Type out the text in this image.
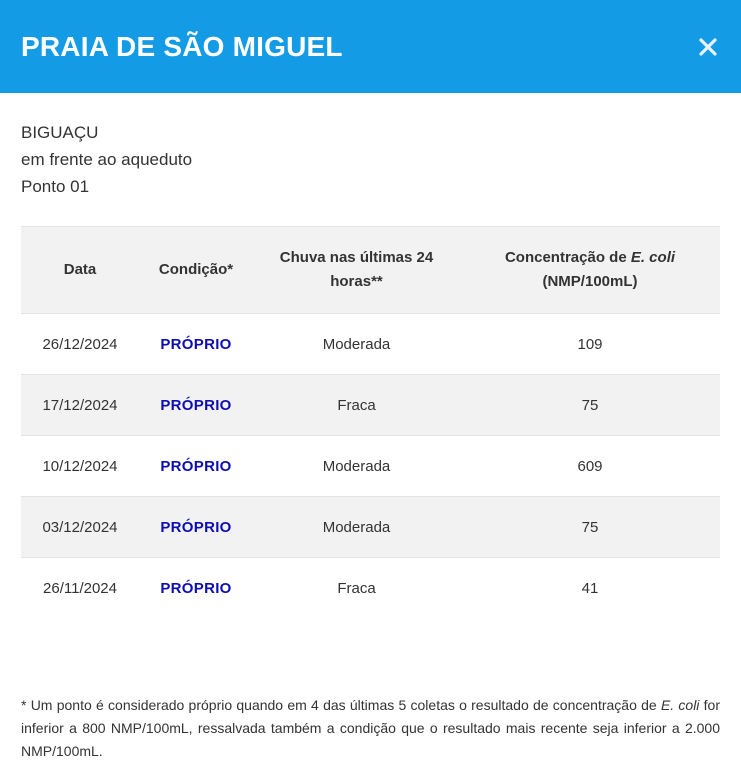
PRAIA DE SÃO MIGUEL
BIGUAÇU
em frente ao aqueduto
Ponto 01
Data	Condição*	Chuva nas últimas 24 horas**	Concentração de E. coli
(NMP/100mL)
26/12/2024	PRÓPRIO	Moderada	109
17/12/2024	PRÓPRIO	Fraca	75
10/12/2024	PRÓPRIO	Moderada	609
03/12/2024	PRÓPRIO	Moderada	75
26/11/2024	PRÓPRIO	Fraca	41
* Um ponto é considerado próprio quando em 4 das últimas 5 coletas o resultado de concentração de E. coli for inferior a 800 NMP/100mL, ressalvada também a condição que o resultado mais recente seja inferior a 2.000 NMP/100mL.
